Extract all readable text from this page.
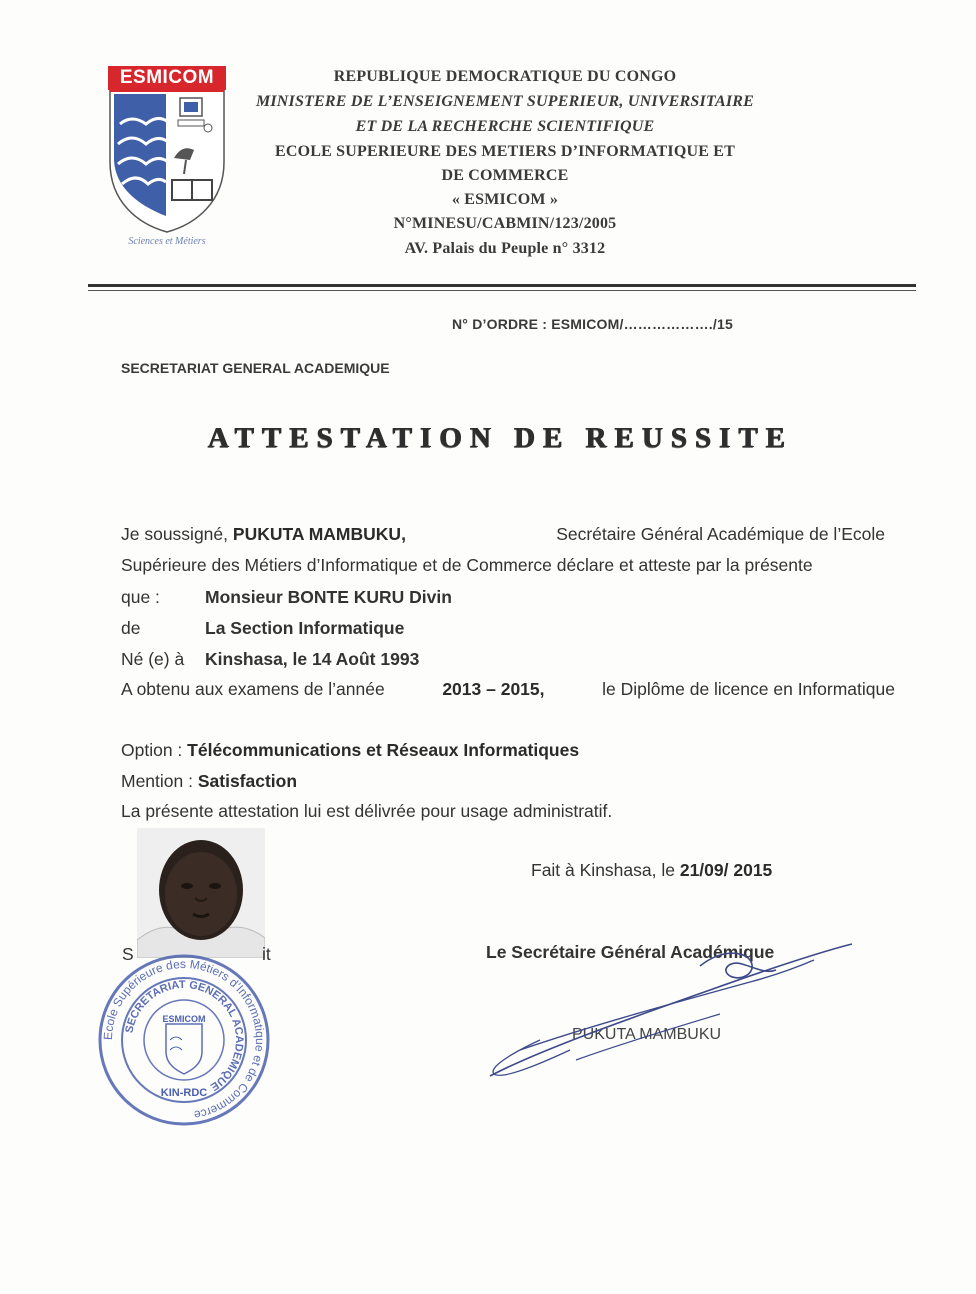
ESMICOM
Sciences et Métiers
REPUBLIQUE DEMOCRATIQUE DU CONGO
MINISTERE DE L’ENSEIGNEMENT SUPERIEUR, UNIVERSITAIRE
ET DE LA RECHERCHE SCIENTIFIQUE
ECOLE SUPERIEURE DES METIERS D’INFORMATIQUE ET
DE COMMERCE
« ESMICOM »
N°MINESU/CABMIN/123/2005
AV. Palais du Peuple n° 3312
N° D’ORDRE : ESMICOM/………………./15
SECRETARIAT GENERAL ACADEMIQUE
ATTESTATION DE REUSSITE
Je soussigné, PUKUTA MAMBUKU,	Secrétaire Général Académique de l’Ecole
Supérieure des Métiers d’Informatique et de Commerce déclare et atteste par la présente
que :	Monsieur BONTE KURU Divin
de	La Section Informatique
Né (e) à Kinshasa, le 14 Août 1993
A obtenu aux examens de l’année	2013 – 2015,	le Diplôme de licence en Informatique
Option : Télécommunications et Réseaux Informatiques
Mention : Satisfaction
La présente attestation lui est délivrée pour usage administratif.
Fait à Kinshasa, le 21/09/ 2015
S	it
Ecole Supérieure des Métiers d’Informatique et de Commerce
SECRETARIAT GENERAL ACADEMIQUE
ESMICOM
KIN-RDC
Le Secrétaire Général Académique
PUKUTA MAMBUKU
